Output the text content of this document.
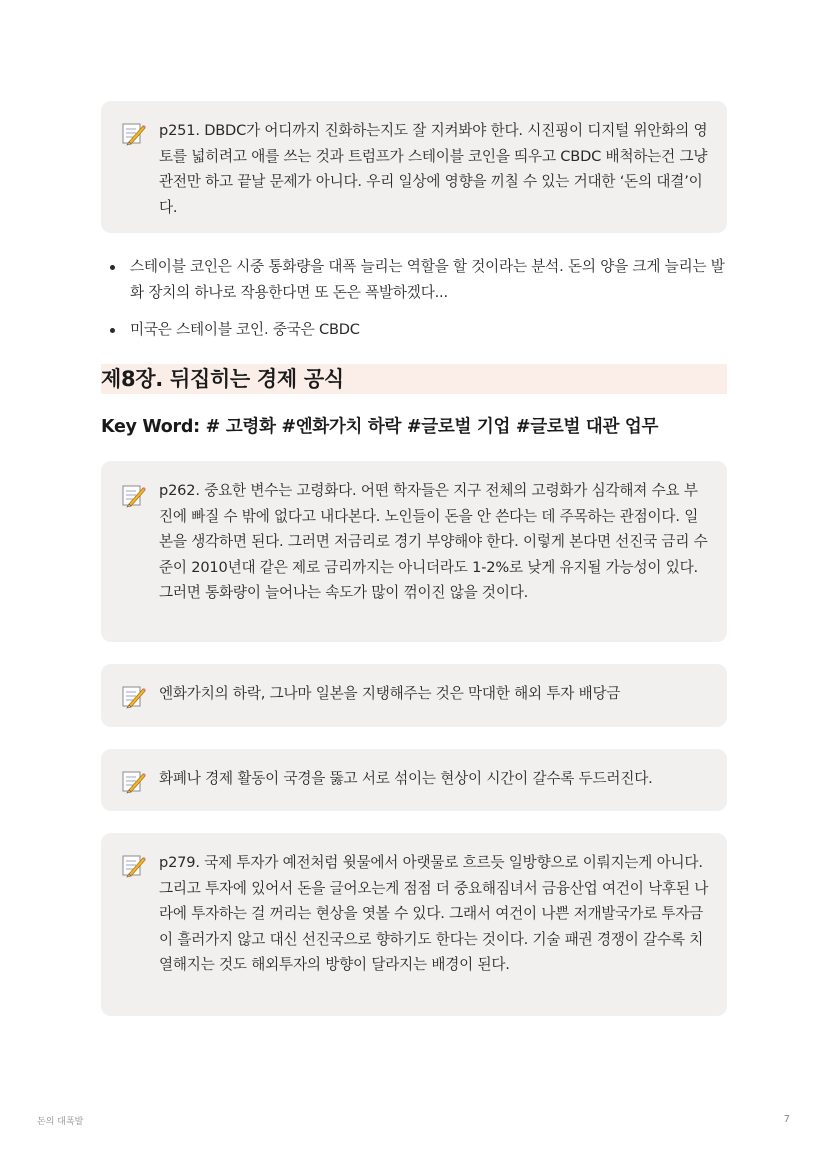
p251. DBDC가 어디까지 진화하는지도 잘 지켜봐야 한다. 시진핑이 디지털 위안화의 영토를 넓히려고 애를 쓰는 것과 트럼프가 스테이블 코인을 띄우고 CBDC 배척하는건 그냥 관전만 하고 끝날 문제가 아니다. 우리 일상에 영향을 끼칠 수 있는 거대한 ‘돈의 대결’이다.

스테이블 코인은 시중 통화량을 대폭 늘리는 역할을 할 것이라는 분석. 돈의 양을 크게 늘리는 발화 장치의 하나로 작용한다면 또 돈은 폭발하겠다...
미국은 스테이블 코인. 중국은 CBDC
제8장. 뒤집히는 경제 공식

Key Word: # 고령화 #엔화가치 하락 #글로벌 기업 #글로벌 대관 업무

p262. 중요한 변수는 고령화다. 어떤 학자들은 지구 전체의 고령화가 심각해져 수요 부진에 빠질 수 밖에 없다고 내다본다. 노인들이 돈을 안 쓴다는 데 주목하는 관점이다. 일본을 생각하면 된다. 그러면 저금리로 경기 부양해야 한다. 이렇게 본다면 선진국 금리 수준이 2010년대 같은 제로 금리까지는 아니더라도 1-2%로 낮게 유지될 가능성이 있다. 그러면 통화량이 늘어나는 속도가 많이 꺾이진 않을 것이다.

엔화가치의 하락, 그나마 일본을 지탱해주는 것은 막대한 해외 투자 배당금

화폐나 경제 활동이 국경을 뚫고 서로 섞이는 현상이 시간이 갈수록 두드러진다.

p279. 국제 투자가 예전처럼 윗물에서 아랫물로 흐르듯 일방향으로 이뤄지는게 아니다. 그리고 투자에 있어서 돈을 글어오는게 점점 더 중요해짐녀서 금융산업 여건이 낙후된 나라에 투자하는 걸 꺼리는 현상을 엿볼 수 있다. 그래서 여건이 나쁜 저개발국가로 투자금이 흘러가지 않고 대신 선진국으로 향하기도 한다는 것이다. 기술 패권 경쟁이 갈수록 치열해지는 것도 해외투자의 방향이 달라지는 배경이 된다.

돈의 대폭발	7
